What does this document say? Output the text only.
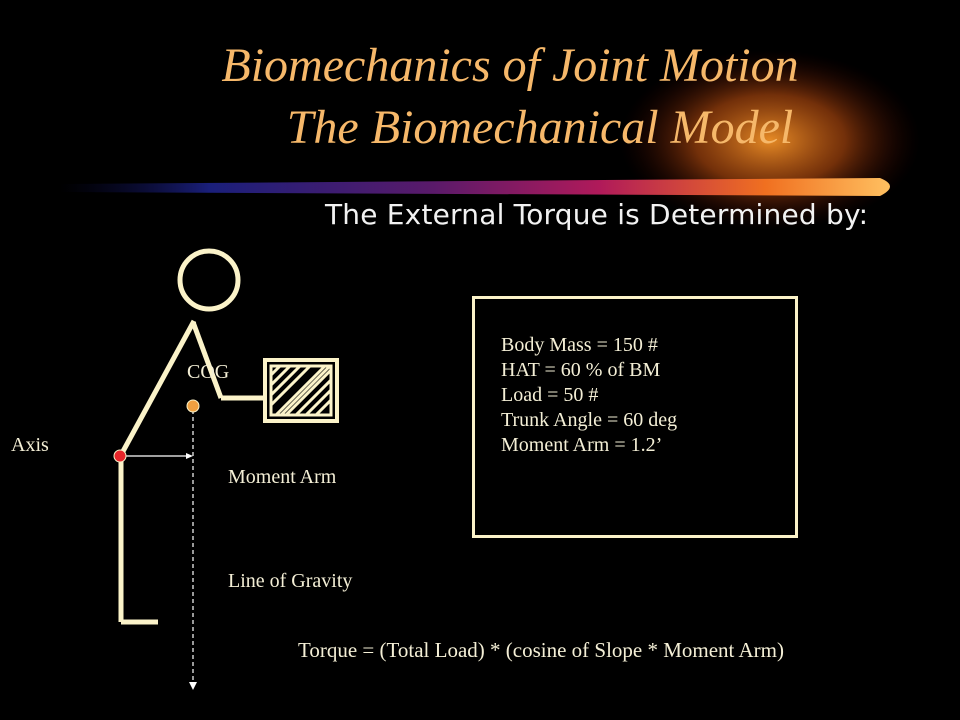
Biomechanics of Joint Motion
The Biomechanical Model
The External Torque is Determined by:
COG
Axis
Moment Arm
Line of Gravity
Body Mass = 150 #
HAT = 60 % of BM
Load = 50 #
Trunk Angle = 60 deg
Moment Arm = 1.2’
Torque = (Total Load) * (cosine of Slope * Moment Arm)
